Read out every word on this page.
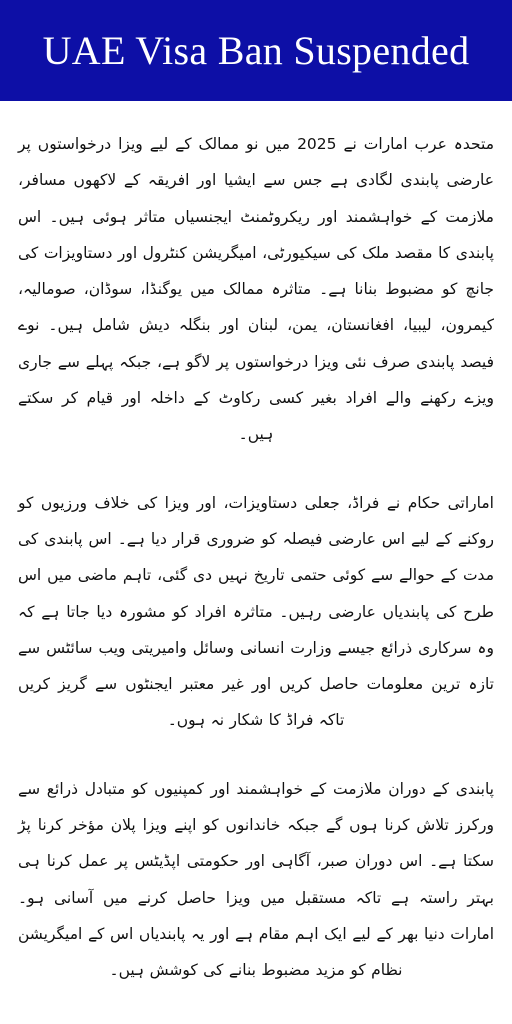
UAE Visa Ban Suspended

متحدہ عرب امارات نے 2025 میں نو ممالک کے لیے ویزا درخواستوں پر عارضی پابندی لگادی ہے جس سے ایشیا اور افریقہ کے لاکھوں مسافر، ملازمت کے خواہشمند اور ریکروٹمنٹ ایجنسیاں متاثر ہوئی ہیں۔ اس پابندی کا مقصد ملک کی سیکیورٹی، امیگریشن کنٹرول اور دستاویزات کی جانچ کو مضبوط بنانا ہے۔ متاثرہ ممالک میں یوگنڈا، سوڈان، صومالیہ، کیمرون، لیبیا، افغانستان، یمن، لبنان اور بنگلہ دیش شامل ہیں۔ نوے فیصد پابندی صرف نئی ویزا درخواستوں پر لاگو ہے، جبکہ پہلے سے جاری ویزے رکھنے والے افراد بغیر کسی رکاوٹ کے داخلہ اور قیام کر سکتے ہیں۔

اماراتی حکام نے فراڈ، جعلی دستاویزات، اور ویزا کی خلاف ورزیوں کو روکنے کے لیے اس عارضی فیصلہ کو ضروری قرار دیا ہے۔ اس پابندی کی مدت کے حوالے سے کوئی حتمی تاریخ نہیں دی گئی، تاہم ماضی میں اس طرح کی پابندیاں عارضی رہیں۔ متاثرہ افراد کو مشورہ دیا جاتا ہے کہ وہ سرکاری ذرائع جیسے وزارت انسانی وسائل وامیریتی ویب سائٹس سے تازہ ترین معلومات حاصل کریں اور غیر معتبر ایجنٹوں سے گریز کریں تاکہ فراڈ کا شکار نہ ہوں۔

پابندی کے دوران ملازمت کے خواہشمند اور کمپنیوں کو متبادل ذرائع سے ورکرز تلاش کرنا ہوں گے جبکہ خاندانوں کو اپنے ویزا پلان مؤخر کرنا پڑ سکتا ہے۔ اس دوران صبر، آگاہی اور حکومتی اپڈیٹس پر عمل کرنا ہی بہتر راستہ ہے تاکہ مستقبل میں ویزا حاصل کرنے میں آسانی ہو۔ امارات دنیا بھر کے لیے ایک اہم مقام ہے اور یہ پابندیاں اس کے امیگریشن نظام کو مزید مضبوط بنانے کی کوشش ہیں۔
